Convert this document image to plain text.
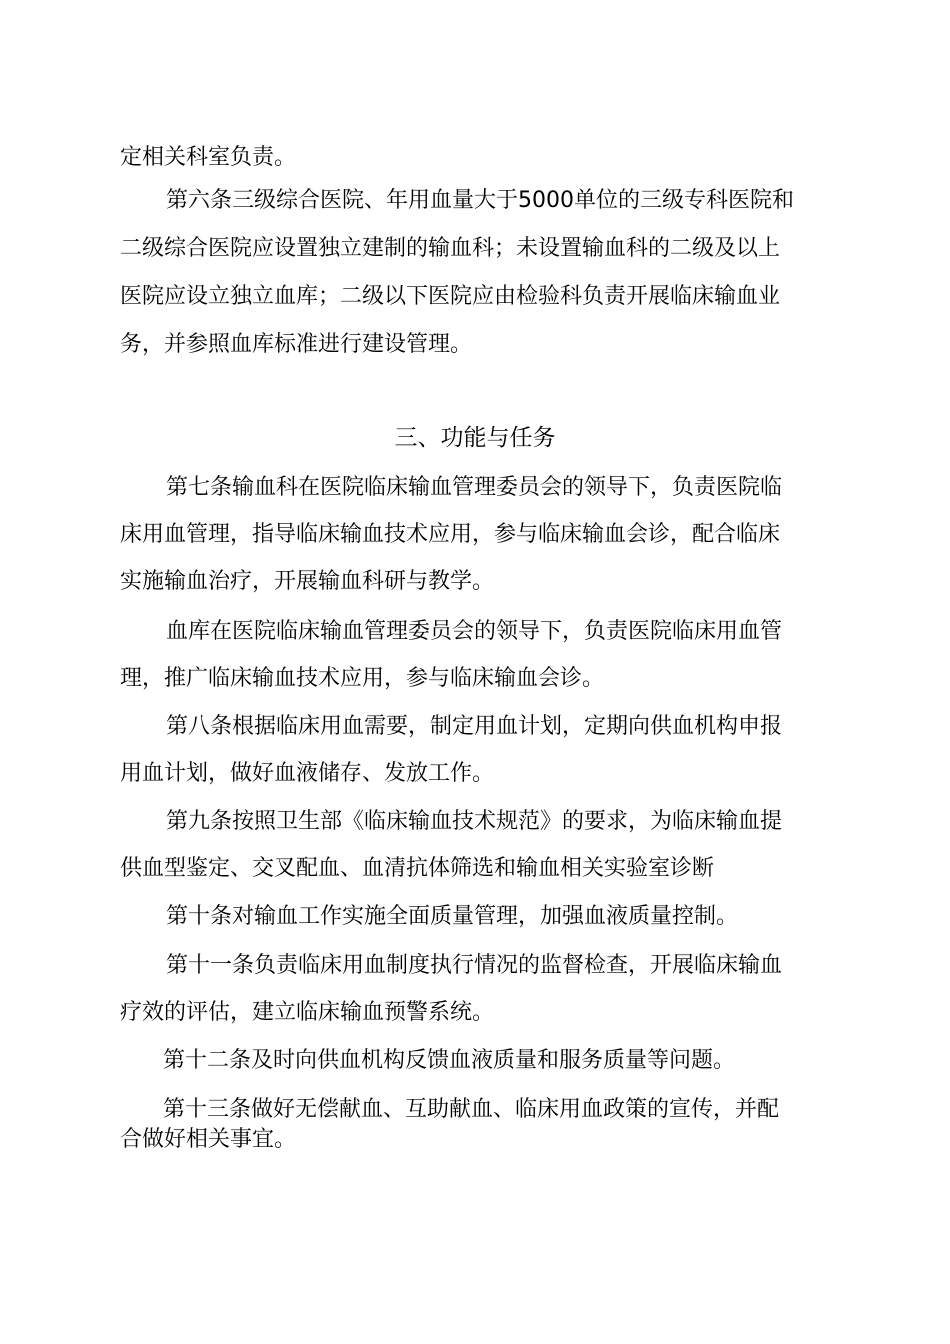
定相关科室负责。
第六条三级综合医院、年用血量大于5000单位的三级专科医院和
二级综合医院应设置独立建制的输血科；未设置输血科的二级及以上
医院应设立独立血库；二级以下医院应由检验科负责开展临床输血业
务，并参照血库标准进行建设管理。
三、功能与任务
第七条输血科在医院临床输血管理委员会的领导下，负责医院临
床用血管理，指导临床输血技术应用，参与临床输血会诊，配合临床
实施输血治疗，开展输血科研与教学。
血库在医院临床输血管理委员会的领导下，负责医院临床用血管
理，推广临床输血技术应用，参与临床输血会诊。
第八条根据临床用血需要，制定用血计划，定期向供血机构申报
用血计划，做好血液储存、发放工作。
第九条按照卫生部《临床输血技术规范》的要求，为临床输血提
供血型鉴定、交叉配血、血清抗体筛选和输血相关实验室诊断
第十条对输血工作实施全面质量管理，加强血液质量控制。
第十一条负责临床用血制度执行情况的监督检查，开展临床输血
疗效的评估，建立临床输血预警系统。
第十二条及时向供血机构反馈血液质量和服务质量等问题。
第十三条做好无偿献血、互助献血、临床用血政策的宣传，并配
合做好相关事宜。
